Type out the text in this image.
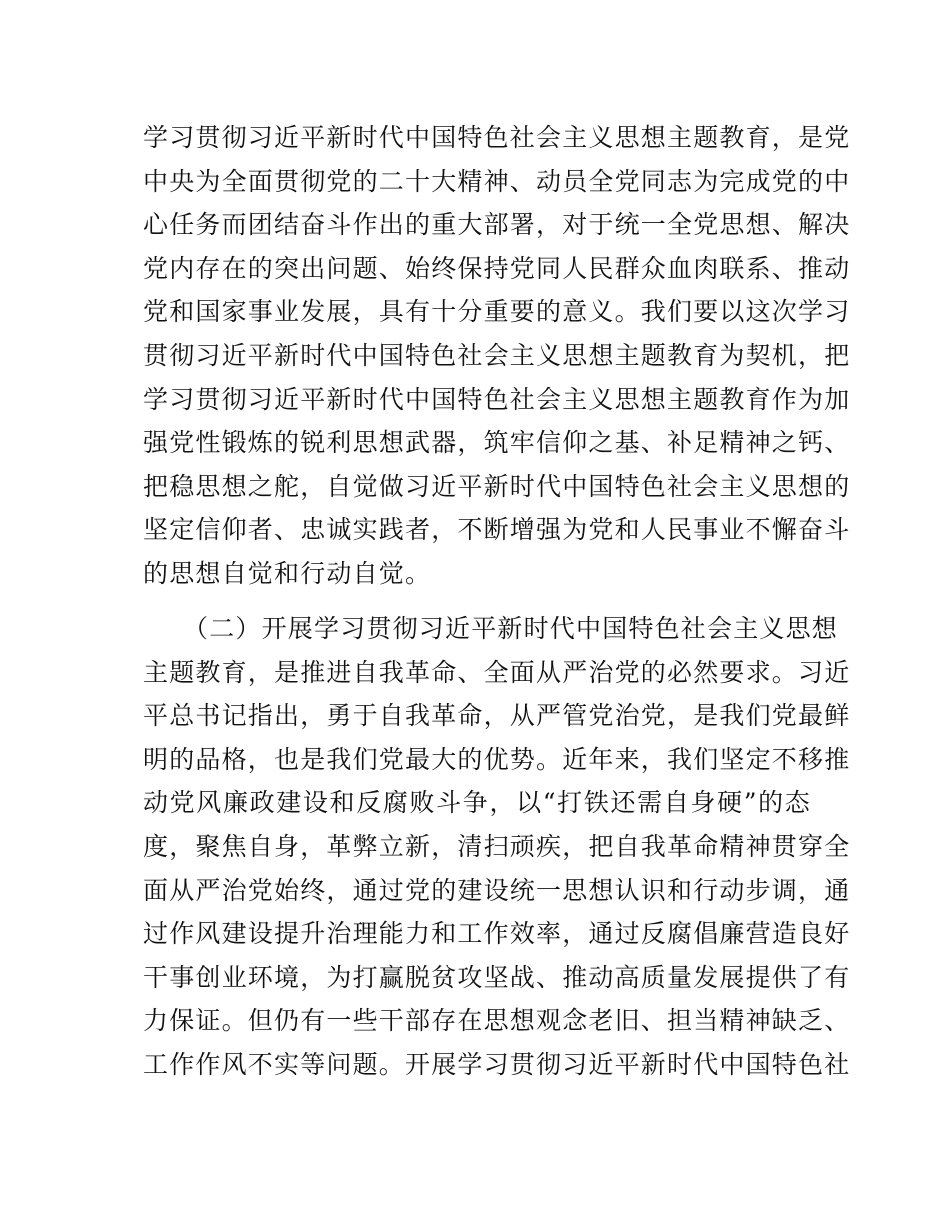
学习贯彻习近平新时代中国特色社会主义思想主题教育，是党
中央为全面贯彻党的二十大精神、动员全党同志为完成党的中
心任务而团结奋斗作出的重大部署，对于统一全党思想、解决
党内存在的突出问题、始终保持党同人民群众血肉联系、推动
党和国家事业发展，具有十分重要的意义。我们要以这次学习
贯彻习近平新时代中国特色社会主义思想主题教育为契机，把
学习贯彻习近平新时代中国特色社会主义思想主题教育作为加
强党性锻炼的锐利思想武器，筑牢信仰之基、补足精神之钙、
把稳思想之舵，自觉做习近平新时代中国特色社会主义思想的
坚定信仰者、忠诚实践者，不断增强为党和人民事业不懈奋斗
的思想自觉和行动自觉。
（二）开展学习贯彻习近平新时代中国特色社会主义思想
主题教育，是推进自我革命、全面从严治党的必然要求。习近
平总书记指出，勇于自我革命，从严管党治党，是我们党最鲜
明的品格，也是我们党最大的优势。近年来，我们坚定不移推
动党风廉政建设和反腐败斗争，以“打铁还需自身硬”的态
度，聚焦自身，革弊立新，清扫顽疾，把自我革命精神贯穿全
面从严治党始终，通过党的建设统一思想认识和行动步调，通
过作风建设提升治理能力和工作效率，通过反腐倡廉营造良好
干事创业环境，为打赢脱贫攻坚战、推动高质量发展提供了有
力保证。但仍有一些干部存在思想观念老旧、担当精神缺乏、
工作作风不实等问题。开展学习贯彻习近平新时代中国特色社
